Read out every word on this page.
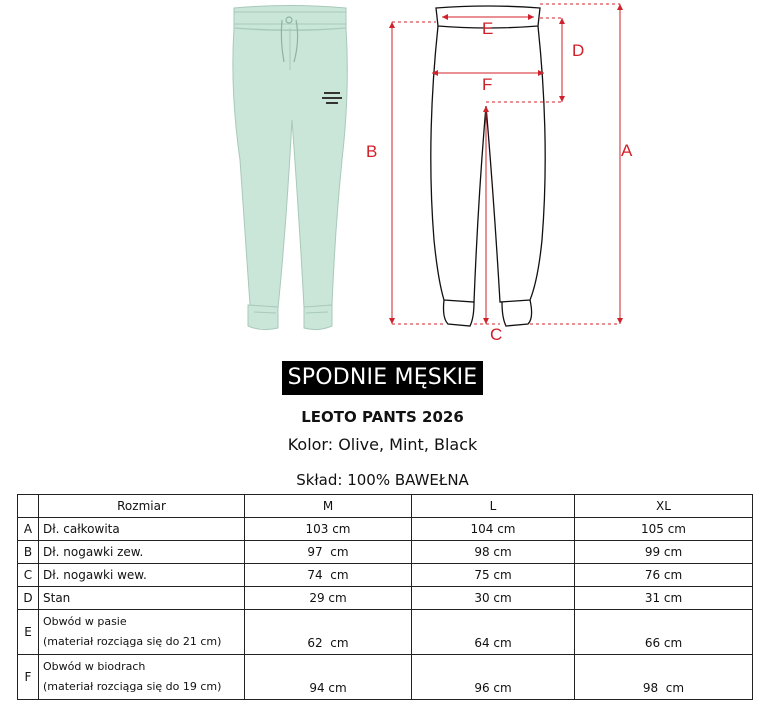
A
B
C
D
E
F
SPODNIE MĘSKIE
LEOTO PANTS 2026
Kolor: Olive, Mint, Black
Skład: 100% BAWEŁNA
	Rozmiar	M	L	XL
A	Dł. całkowita	103 cm	104 cm	105 cm
B	Dł. nogawki zew.	97  cm	98 cm	99 cm
C	Dł. nogawki wew.	74  cm	75 cm	76 cm
D	Stan	29 cm	30 cm	31 cm
E	Obwód w pasie
(materiał rozciąga się do 21 cm)	62  cm	64 cm	66 cm
F	Obwód w biodrach
(materiał rozciąga się do 19 cm)	94 cm	96 cm	98  cm
